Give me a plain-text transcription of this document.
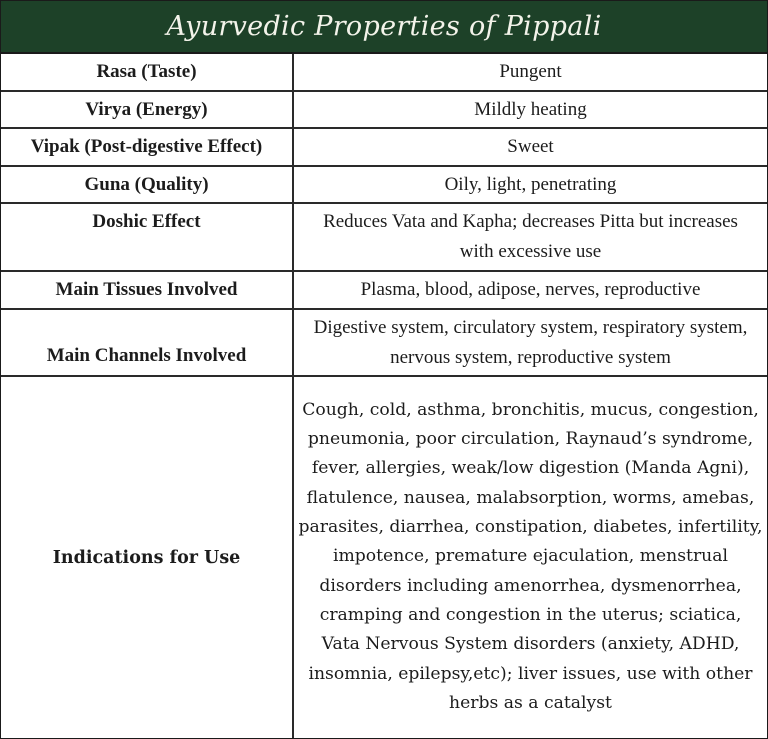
Ayurvedic Properties of Pippali
Rasa (Taste)	Pungent
Virya (Energy)	Mildly heating
Vipak (Post-digestive Effect)	Sweet
Guna (Quality)	Oily, light, penetrating
Doshic Effect	Reduces Vata and Kapha; decreases Pitta but increases with excessive use
Main Tissues Involved	Plasma, blood, adipose, nerves, reproductive
Main Channels Involved	Digestive system, circulatory system, respiratory system, nervous system, reproductive system
Indications for Use	Cough, cold, asthma, bronchitis, mucus, congestion, pneumonia, poor circulation, Raynaud’s syndrome, fever, allergies, weak/low digestion (Manda Agni), flatulence, nausea, malabsorption, worms, amebas, parasites, diarrhea, constipation, diabetes, infertility, impotence, premature ejaculation, menstrual disorders including amenorrhea, dysmenorrhea, cramping and congestion in the uterus; sciatica, Vata Nervous System disorders (anxiety, ADHD, insomnia, epilepsy,etc); liver issues, use with other herbs as a catalyst
